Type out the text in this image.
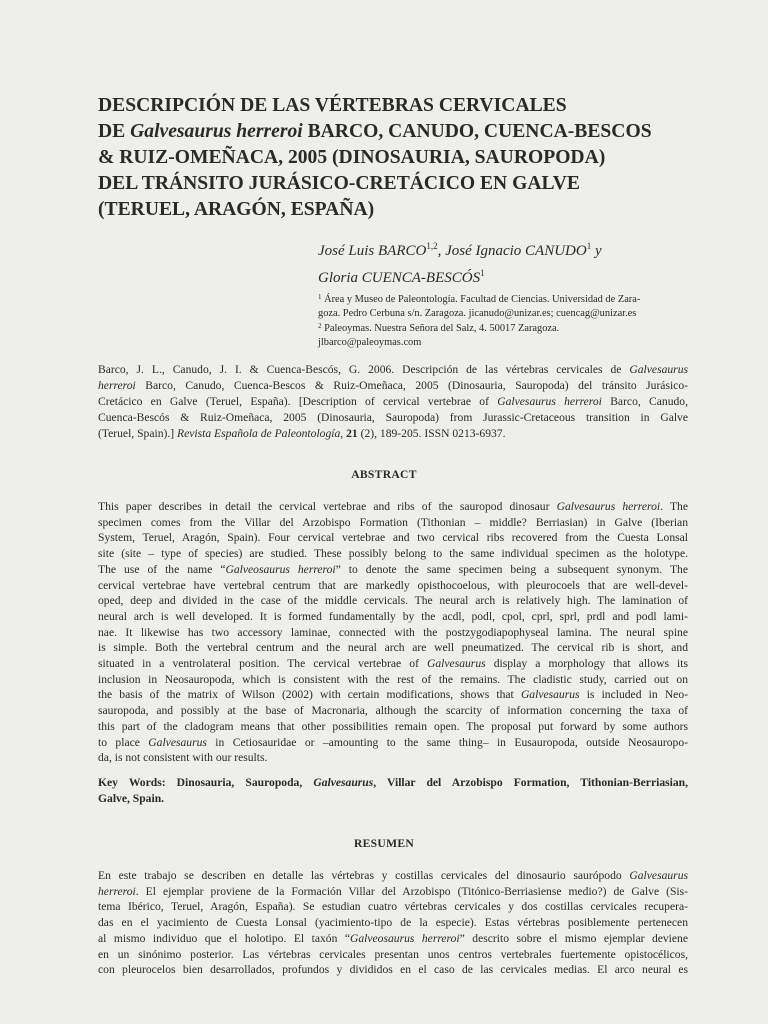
DESCRIPCIÓN DE LAS VÉRTEBRAS CERVICALES
DE Galvesaurus herreroi BARCO, CANUDO, CUENCA-BESCOS
& RUIZ-OMEÑACA, 2005 (DINOSAURIA, SAUROPODA)
DEL TRÁNSITO JURÁSICO-CRETÁCICO EN GALVE
(TERUEL, ARAGÓN, ESPAÑA)
José Luis BARCO$^{1,2}$, José Ignacio CANUDO$^1$ y
Gloria CUENCA-BESCÓS$^1$
$^1$ Área y Museo de Paleontología. Facultad de Ciencias. Universidad de Zara-
goza. Pedro Cerbuna s/n. Zaragoza. jicanudo@unizar.es; cuencag@unizar.es
$^2$ Paleoymas. Nuestra Señora del Salz, 4. 50017 Zaragoza.
jlbarco@paleoymas.com
Barco, J. L., Canudo, J. I. & Cuenca-Bescós, G. 2006. Descripción de las vértebras cervicales de Galvesaurus
herreroi Barco, Canudo, Cuenca-Bescos & Ruiz-Omeñaca, 2005 (Dinosauria, Sauropoda) del tránsito Jurásico-
Cretácico en Galve (Teruel, España). [Description of cervical vertebrae of Galvesaurus herreroi Barco, Canudo,
Cuenca-Bescós & Ruiz-Omeñaca, 2005 (Dinosauria, Sauropoda) from Jurassic-Cretaceous transition in Galve
(Teruel, Spain).] Revista Española de Paleontología, 21 (2), 189-205. ISSN 0213-6937.
ABSTRACT
This paper describes in detail the cervical vertebrae and ribs of the sauropod dinosaur Galvesaurus herreroi. The
specimen comes from the Villar del Arzobispo Formation (Tithonian – middle? Berriasian) in Galve (Iberian
System, Teruel, Aragón, Spain). Four cervical vertebrae and two cervical ribs recovered from the Cuesta Lonsal
site (site – type of species) are studied. These possibly belong to the same individual specimen as the holotype.
The use of the name “Galveosaurus herreroi” to denote the same specimen being a subsequent synonym. The
cervical vertebrae have vertebral centrum that are markedly opisthocoelous, with pleurocoels that are well-devel-
oped, deep and divided in the case of the middle cervicals. The neural arch is relatively high. The lamination of
neural arch is well developed. It is formed fundamentally by the acdl, podl, cpol, cprl, sprl, prdl and podl lami-
nae. It likewise has two accessory laminae, connected with the postzygodiapophyseal lamina. The neural spine
is simple. Both the vertebral centrum and the neural arch are well pneumatized. The cervical rib is short, and
situated in a ventrolateral position. The cervical vertebrae of Galvesaurus display a morphology that allows its
inclusion in Neosauropoda, which is consistent with the rest of the remains. The cladistic study, carried out on
the basis of the matrix of Wilson (2002) with certain modifications, shows that Galvesaurus is included in Neo-
sauropoda, and possibly at the base of Macronaria, although the scarcity of information concerning the taxa of
this part of the cladogram means that other possibilities remain open. The proposal put forward by some authors
to place Galvesaurus in Cetiosauridae or –amounting to the same thing– in Eusauropoda, outside Neosauropo-
da, is not consistent with our results.
Key Words: Dinosauria, Sauropoda, Galvesaurus, Villar del Arzobispo Formation, Tithonian-Berriasian,
Galve, Spain.
RESUMEN
En este trabajo se describen en detalle las vértebras y costillas cervicales del dinosaurio saurópodo Galvesaurus
herreroi. El ejemplar proviene de la Formación Villar del Arzobispo (Titónico-Berriasiense medio?) de Galve (Sis-
tema Ibérico, Teruel, Aragón, España). Se estudian cuatro vértebras cervicales y dos costillas cervicales recupera-
das en el yacimiento de Cuesta Lonsal (yacimiento-tipo de la especie). Estas vértebras posiblemente pertenecen
al mismo individuo que el holotipo. El taxón “Galveosaurus herreroi” descrito sobre el mismo ejemplar deviene
en un sinónimo posterior. Las vértebras cervicales presentan unos centros vertebrales fuertemente opistocélicos,
con pleurocelos bien desarrollados, profundos y divididos en el caso de las cervicales medias. El arco neural es
